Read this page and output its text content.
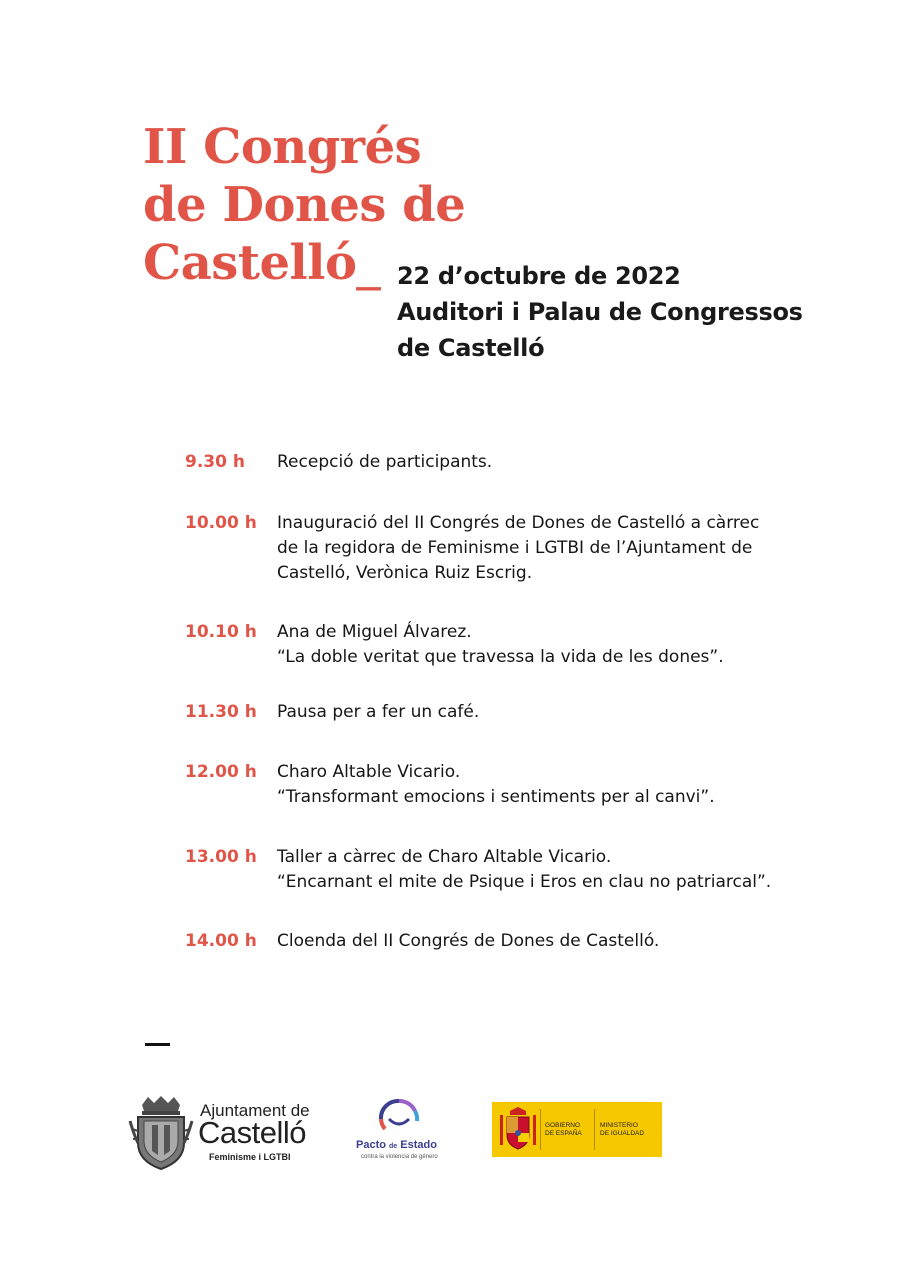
II Congrés
de Dones de
Castelló_ 22 d’octubre de 2022
Auditori i Palau de Congressos
de Castelló
9.30 h	Recepció de participants.
10.00 h	Inauguració del II Congrés de Dones de Castelló a càrrec
de la regidora de Feminisme i LGTBI de l’Ajuntament de
Castelló, Verònica Ruiz Escrig.
10.10 h	Ana de Miguel Álvarez.
“La doble veritat que travessa la vida de les dones”.
11.30 h	Pausa per a fer un café.
12.00 h	Charo Altable Vicario.
“Transformant emocions i sentiments per al canvi”.
13.00 h	Taller a càrrec de Charo Altable Vicario.
“Encarnant el mite de Psique i Eros en clau no patriarcal”.
14.00 h	Cloenda del II Congrés de Dones de Castelló.
Ajuntament de
Castelló
Feminisme i LGTBI
Pacto de Estado
contra la violencia de género
GOBIERNO
DE ESPAÑA
MINISTERIO
DE IGUALDAD
